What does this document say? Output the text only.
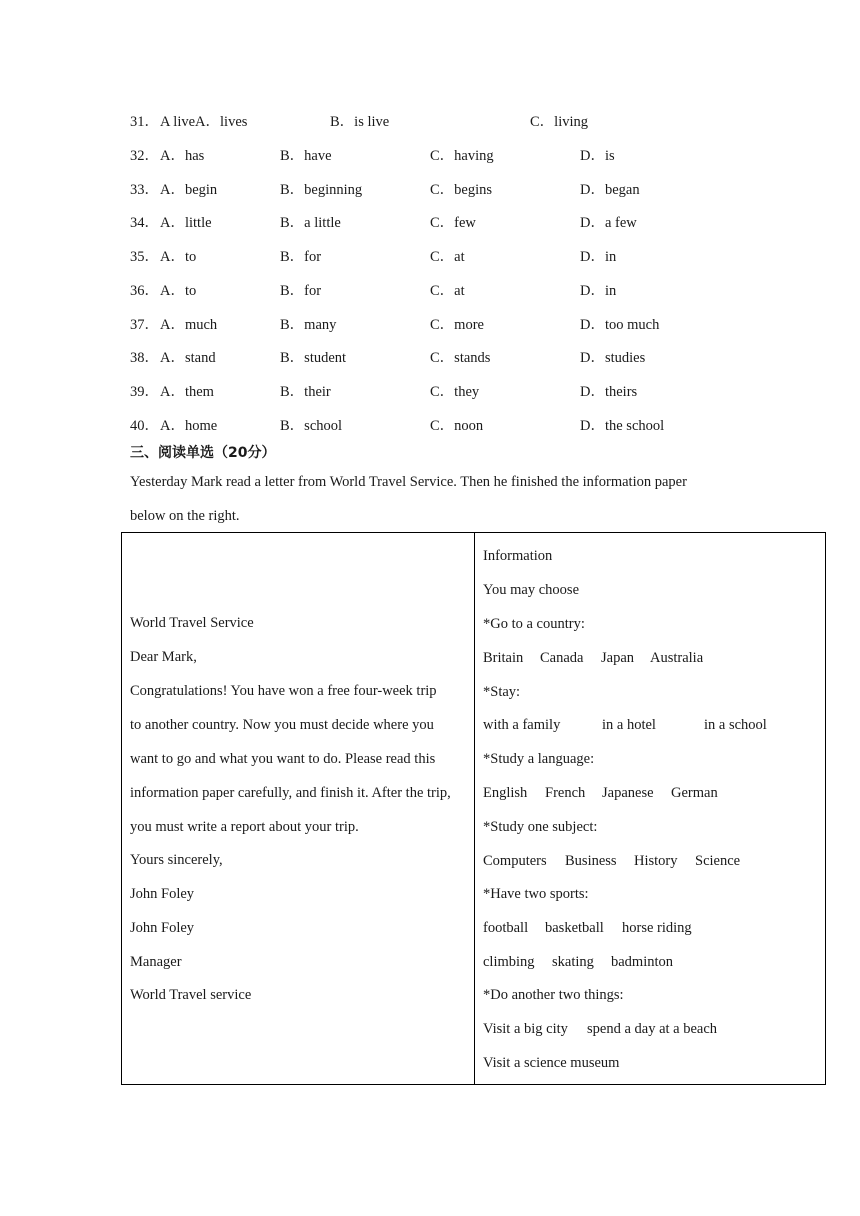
31． A liveA．lives	B．is live	C．living
32． A．has	B．have	C．having	D．is
33． A．begin	B．beginning	C．begins	D．began
34． A．little	B．a little	C．few	D．a few
35． A．to	B．for	C．at	D．in
36． A．to	B．for	C．at	D．in
37． A．much	B．many	C．more	D．too much
38． A．stand	B．student	C．stands	D．studies
39． A．them	B．their	C．they	D．theirs
40． A．home	B．school	C．noon	D．the school
三、阅读单选（20分）
Yesterday Mark read a letter from World Travel Service. Then he finished the information paper
below on the right.
World Travel Service
Dear Mark,
Congratulations! You have won a free four-week trip
to another country. Now you must decide where you
want to go and what you want to do. Please read this
information paper carefully, and finish it. After the trip,
you must write a report about your trip.
Yours sincerely,
John Foley
John Foley
Manager
World Travel service
Information
You may choose
*Go to a country:
Britain Canada Japan Australia
*Stay:
with a family	in a hotel	in a school
*Study a language:
English French Japanese German
*Study one subject:
Computers Business History Science
*Have two sports:
football basketball horse riding
climbing skating badminton
*Do another two things:
Visit a big city spend a day at a beach
Visit a science museum
